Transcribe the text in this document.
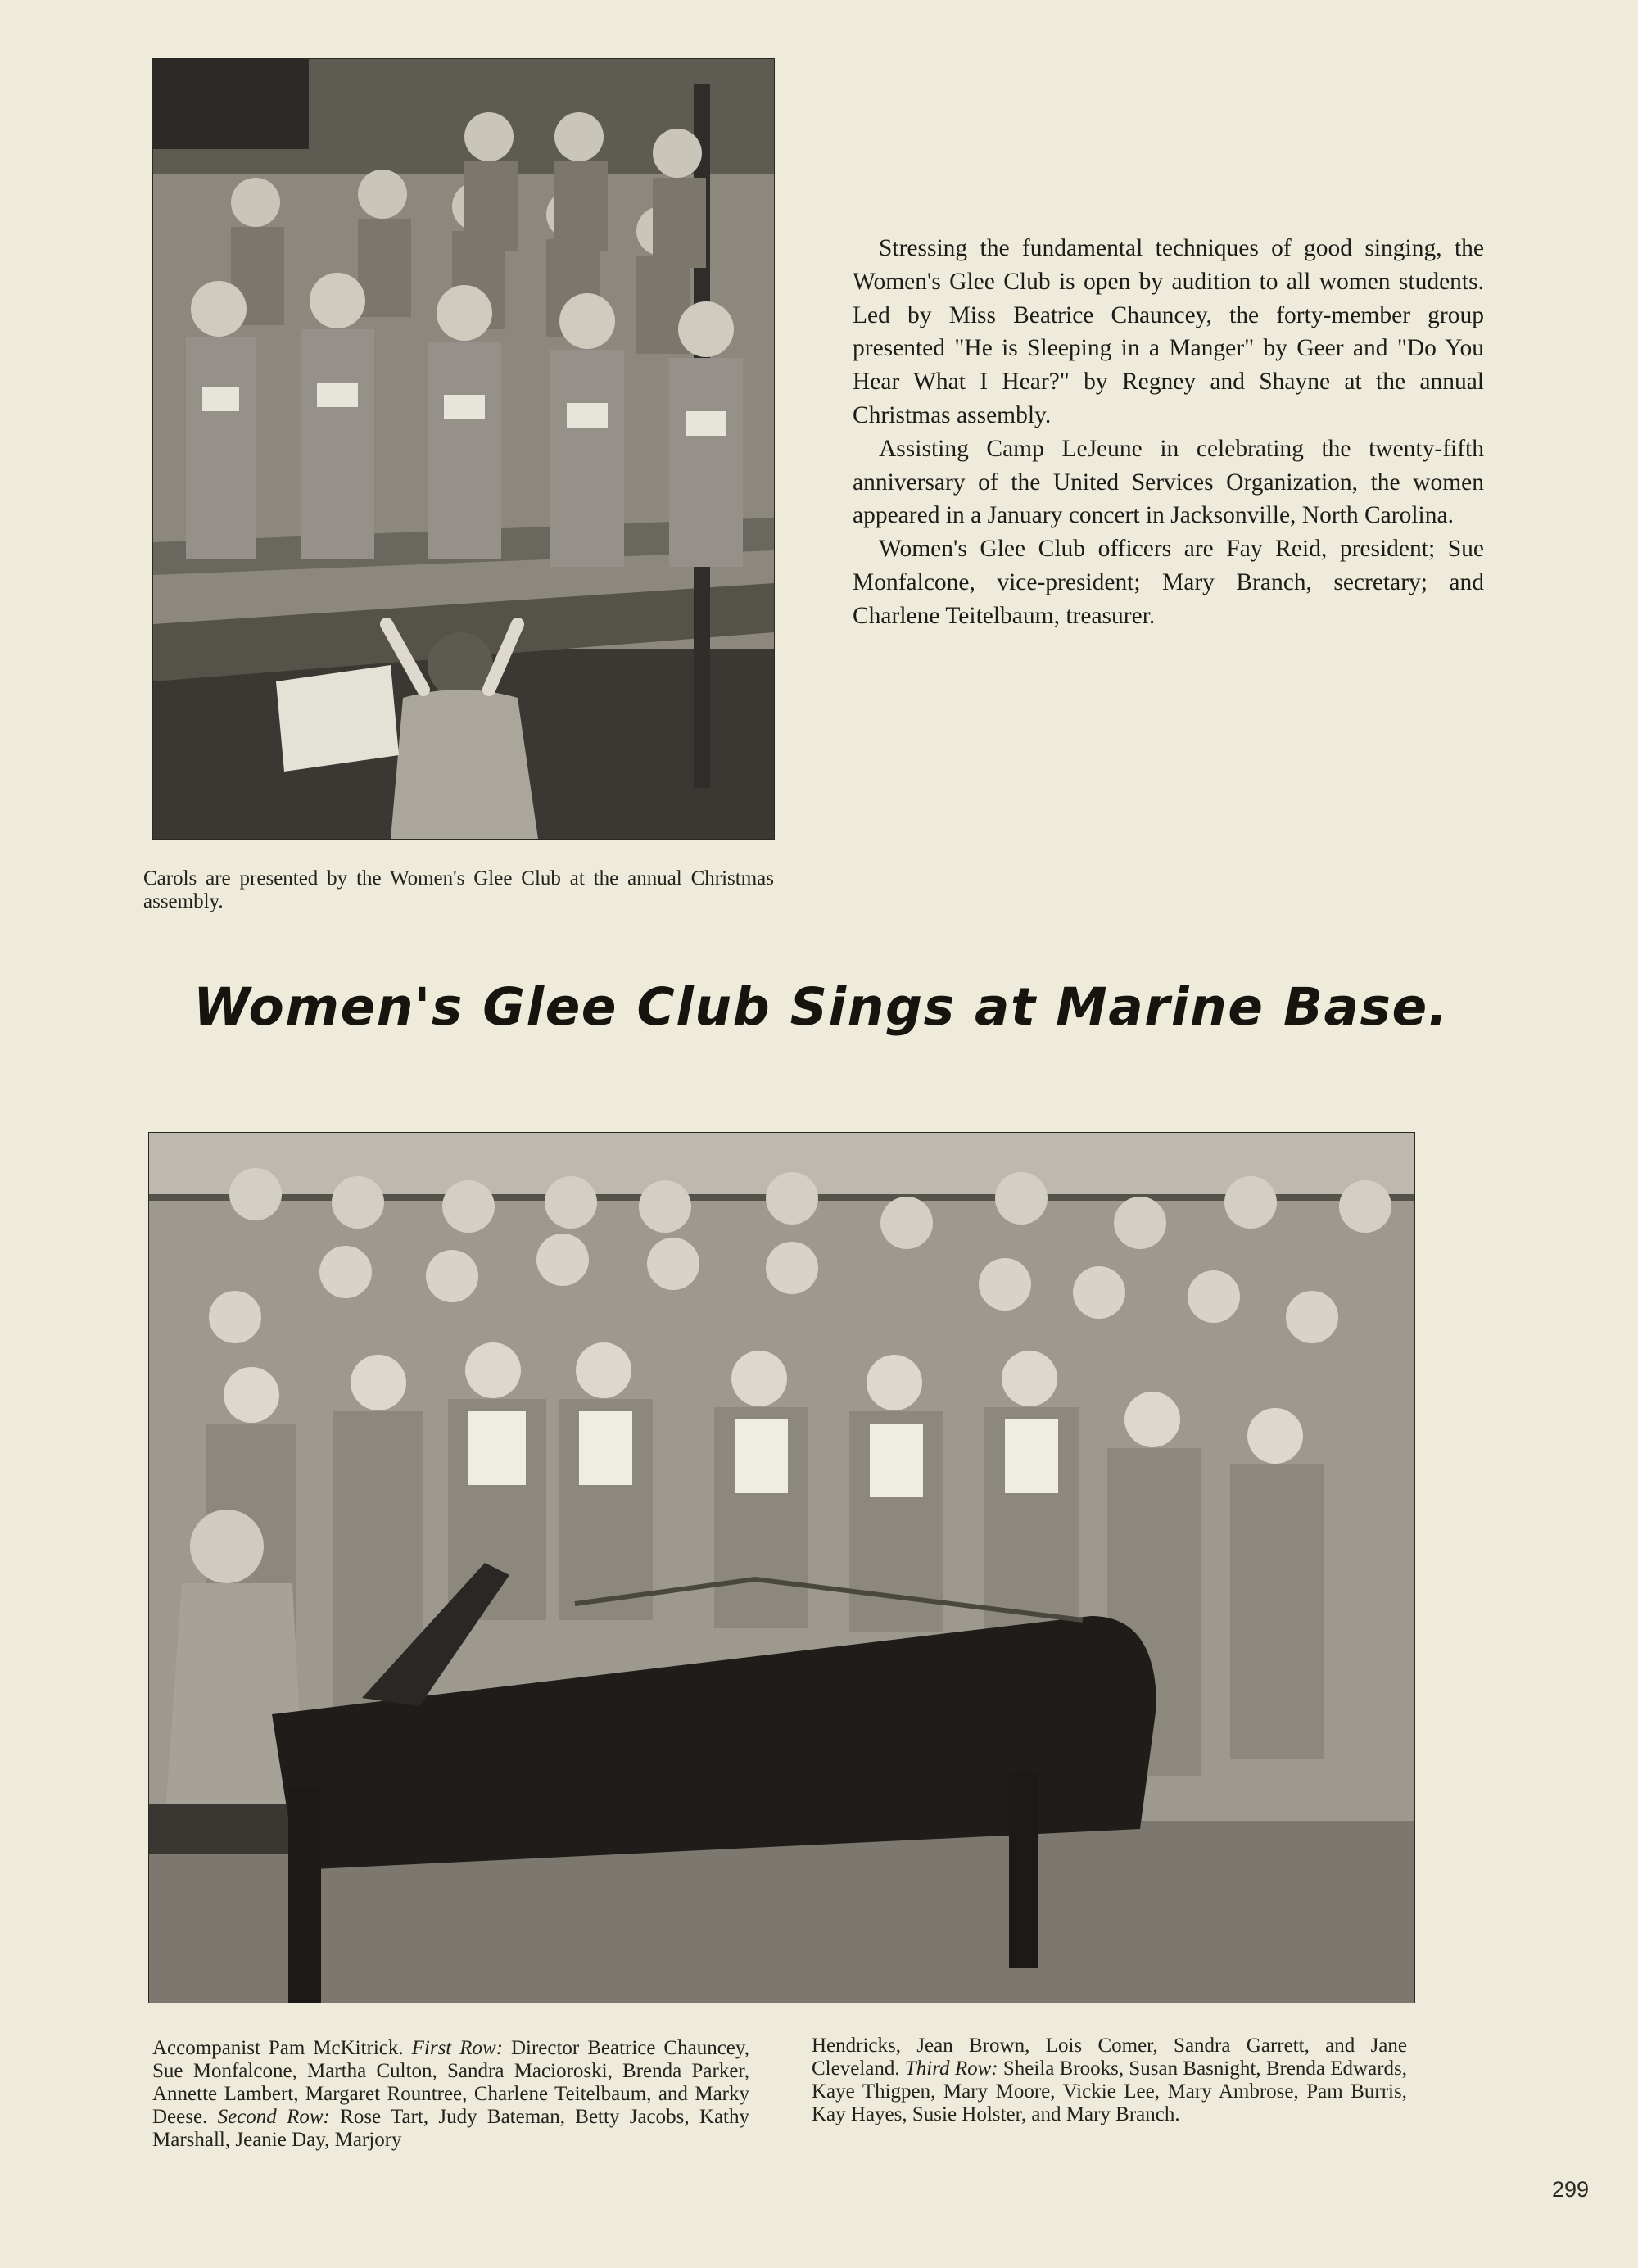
Carols are presented by the Women's Glee Club at the annual Christmas assembly.

Stressing the fundamental techniques of good singing, the Women's Glee Club is open by audition to all women students. Led by Miss Beatrice Chauncey, the forty-member group presented "He is Sleeping in a Manger" by Geer and "Do You Hear What I Hear?" by Regney and Shayne at the annual Christmas assembly.

Assisting Camp LeJeune in celebrating the twenty-fifth anniversary of the United Services Organization, the women appeared in a January concert in Jacksonville, North Carolina.

Women's Glee Club officers are Fay Reid, president; Sue Monfalcone, vice-president; Mary Branch, secretary; and Charlene Teitelbaum, treasurer.

Women's Glee Club Sings at Marine Base.
Accompanist Pam McKitrick. First Row: Director Beatrice Chauncey, Sue Monfalcone, Martha Culton, Sandra Macioroski, Brenda Parker, Annette Lambert, Margaret Rountree, Charlene Teitelbaum, and Marky Deese. Second Row: Rose Tart, Judy Bateman, Betty Jacobs, Kathy Marshall, Jeanie Day, Marjory
Hendricks, Jean Brown, Lois Comer, Sandra Garrett, and Jane Cleveland. Third Row: Sheila Brooks, Susan Basnight, Brenda Edwards, Kaye Thigpen, Mary Moore, Vickie Lee, Mary Ambrose, Pam Burris, Kay Hayes, Susie Holster, and Mary Branch.
299
